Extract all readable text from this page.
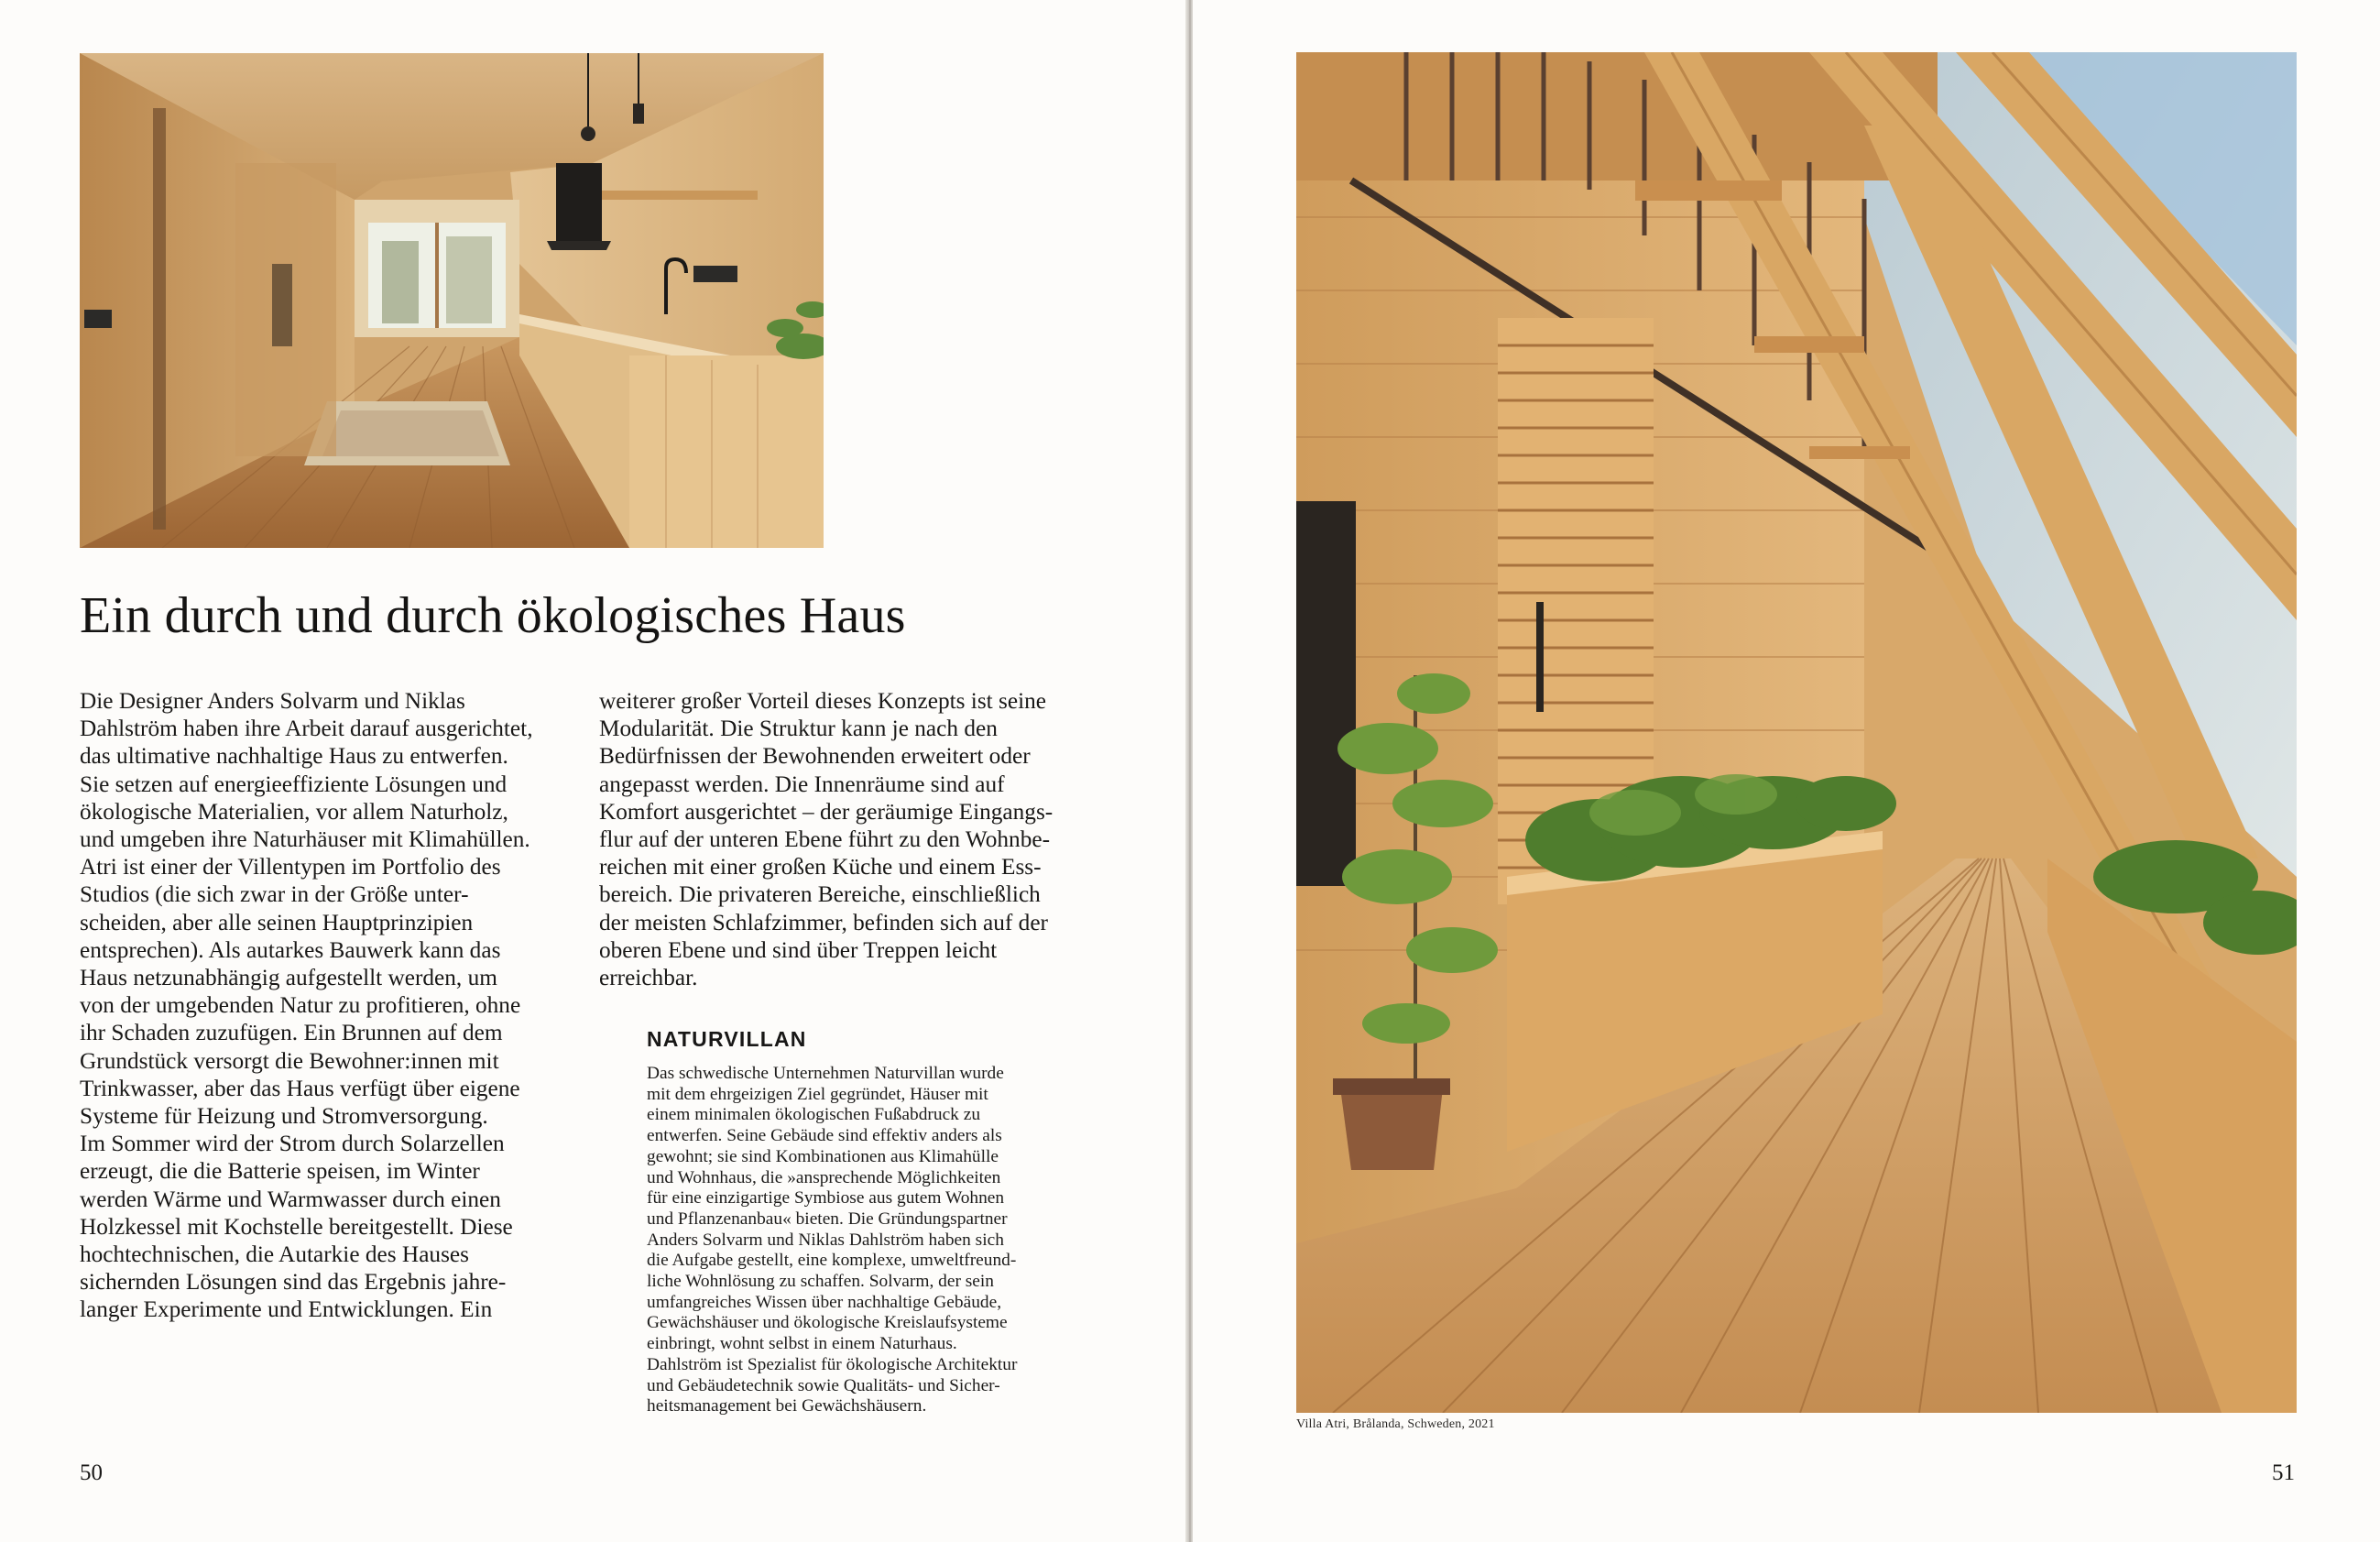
Ein durch und durch ökologisches Haus
Die Designer Anders Solvarm und Niklas
Dahlström haben ihre Arbeit darauf ausgerichtet,
das ultimative nachhaltige Haus zu entwerfen.
Sie setzen auf energieeffiziente Lösungen und
ökologische Materialien, vor allem Naturholz,
und umgeben ihre Naturhäuser mit Klimahüllen.
Atri ist einer der Villentypen im Portfolio des
Studios (die sich zwar in der Größe unter-
scheiden, aber alle seinen Hauptprinzipien
entsprechen). Als autarkes Bauwerk kann das
Haus netzunabhängig aufgestellt werden, um
von der umgebenden Natur zu profitieren, ohne
ihr Schaden zuzufügen. Ein Brunnen auf dem
Grundstück versorgt die Bewohner:innen mit
Trinkwasser, aber das Haus verfügt über eigene
Systeme für Heizung und Stromversorgung.
Im Sommer wird der Strom durch Solarzellen
erzeugt, die die Batterie speisen, im Winter
werden Wärme und Warmwasser durch einen
Holzkessel mit Kochstelle bereitgestellt. Diese
hochtechnischen, die Autarkie des Hauses
sichernden Lösungen sind das Ergebnis jahre-
langer Experimente und Entwicklungen. Ein
weiterer großer Vorteil dieses Konzepts ist seine
Modularität. Die Struktur kann je nach den
Bedürfnissen der Bewohnenden erweitert oder
angepasst werden. Die Innenräume sind auf
Komfort ausgerichtet – der geräumige Eingangs-
flur auf der unteren Ebene führt zu den Wohnbe-
reichen mit einer großen Küche und einem Ess-
bereich. Die privateren Bereiche, einschließlich
der meisten Schlafzimmer, befinden sich auf der
oberen Ebene und sind über Treppen leicht
erreichbar.
NATURVILLAN
Das schwedische Unternehmen Naturvillan wurde
mit dem ehrgeizigen Ziel gegründet, Häuser mit
einem minimalen ökologischen Fußabdruck zu
entwerfen. Seine Gebäude sind effektiv anders als
gewohnt; sie sind Kombinationen aus Klimahülle
und Wohnhaus, die »ansprechende Möglichkeiten
für eine einzigartige Symbiose aus gutem Wohnen
und Pflanzenanbau« bieten. Die Gründungspartner
Anders Solvarm und Niklas Dahlström haben sich
die Aufgabe gestellt, eine komplexe, umweltfreund-
liche Wohnlösung zu schaffen. Solvarm, der sein
umfangreiches Wissen über nachhaltige Gebäude,
Gewächshäuser und ökologische Kreislaufsysteme
einbringt, wohnt selbst in einem Naturhaus.
Dahlström ist Spezialist für ökologische Architektur
und Gebäudetechnik sowie Qualitäts- und Sicher-
heitsmanagement bei Gewächshäusern.
50
Villa Atri, Brålanda, Schweden, 2021
51
